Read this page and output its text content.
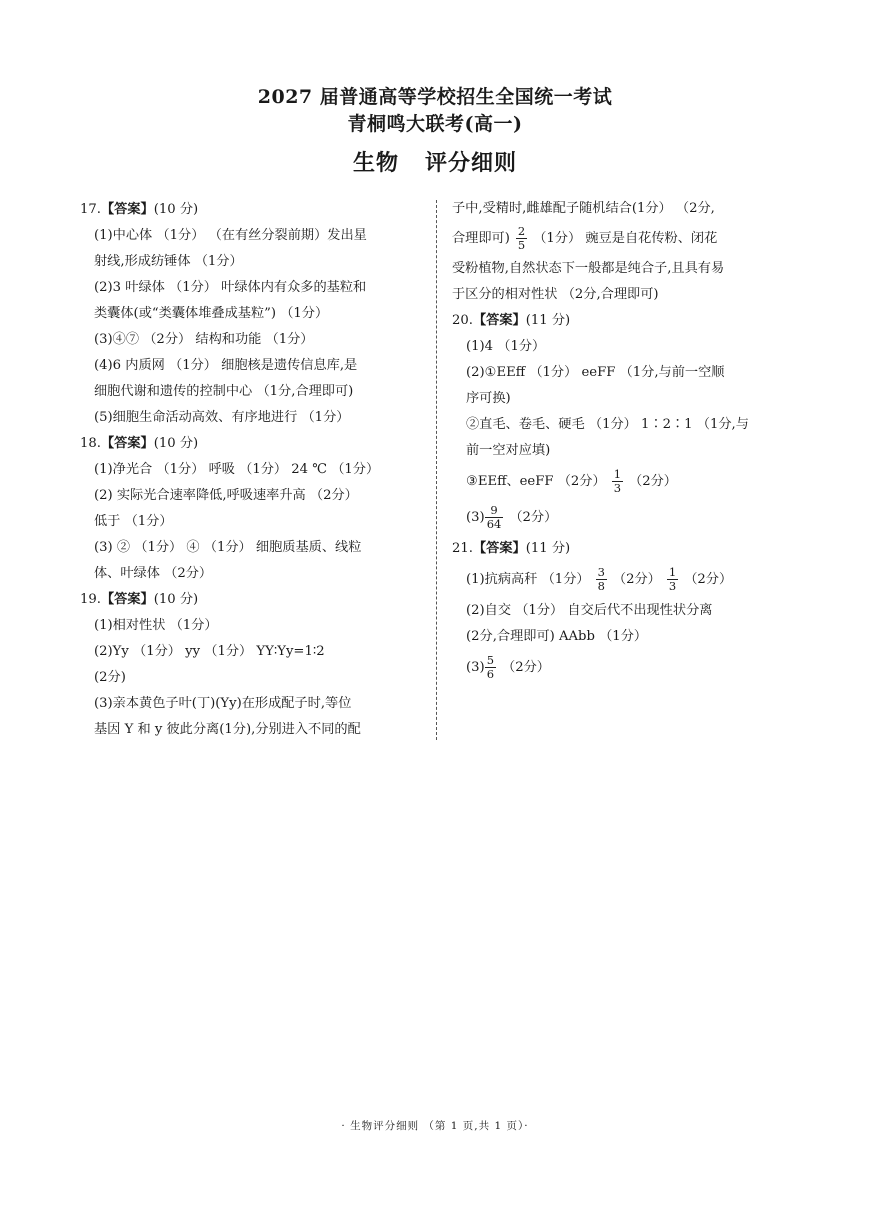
2027 届普通高等学校招生全国统一考试
青桐鸣大联考(高一)
生物 评分细则
17.【答案】(10 分)
(1)中心体 （1分） （在有丝分裂前期）发出星
射线,形成纺锤体 （1分）
(2)3 叶绿体 （1分） 叶绿体内有众多的基粒和
类囊体(或“类囊体堆叠成基粒”) （1分）
(3)④⑦ （2分） 结构和功能 （1分）
(4)6 内质网 （1分） 细胞核是遗传信息库,是
细胞代谢和遗传的控制中心 （1分,合理即可)
(5)细胞生命活动高效、有序地进行 （1分）
18.【答案】(10 分)
(1)净光合 （1分） 呼吸 （1分） 24 ℃ （1分）
(2) 实际光合速率降低,呼吸速率升高 （2分）
低于 （1分）
(3) ② （1分） ④ （1分） 细胞质基质、线粒
体、叶绿体 （2分）
19.【答案】(10 分)
(1)相对性状 （1分）
(2)Yy （1分） yy （1分） YY∶Yy=1∶2
(2分)
(3)亲本黄色子叶(丁)(Yy)在形成配子时,等位
基因 Y 和 y 彼此分离(1分),分别进入不同的配
子中,受精时,雌雄配子随机结合(1分） （2分,
合理即可) $\frac{2}{5} (1$分） 豌豆是自花传粉、闭花
受粉植物,自然状态下一般都是纯合子,且具有易
于区分的相对性状 （2分,合理即可)
20.【答案】(11 分)
(1)4 （1分）
(2)①EEff （1分） eeFF （1分,与前一空顺
序可换)
②直毛、卷毛、硬毛 （1分） 1∶2∶1 （1分,与
前一空对应填)
③EEff、eeFF （2分） $\frac{1}{3} (2$分）
$(3) \frac{9}{64} (2$分）
21.【答案】(11 分)
(1)抗病高秆 （1分） $\frac{3}{8} (2$分） $\frac{1}{3} (2$分）
(2)自交 （1分） 自交后代不出现性状分离
(2分,合理即可) AAbb （1分）
$(3) \frac{5}{6} (2$分）
· 生物评分细则 （第 1 页,共 1 页）·
